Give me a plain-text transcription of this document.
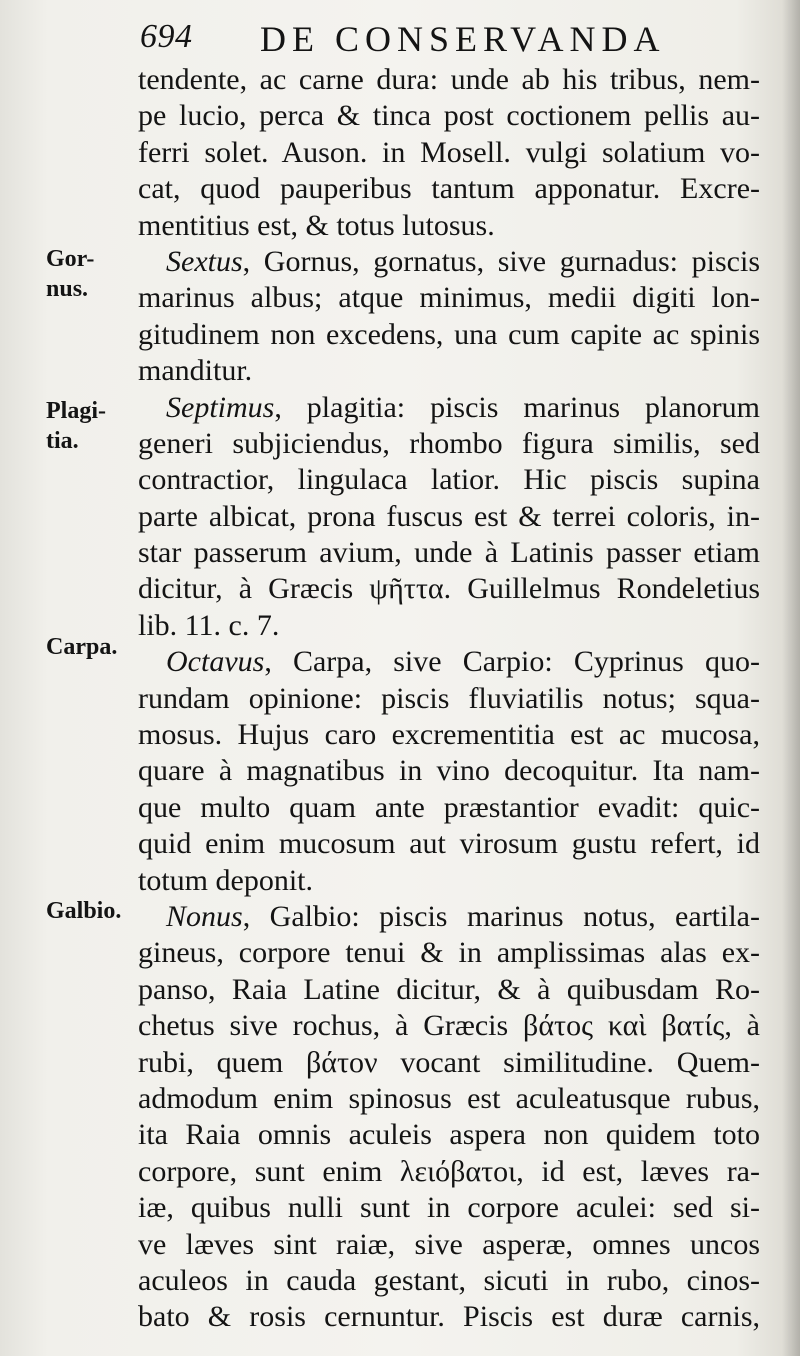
694 DE CONSERVANDA
Gor-
nus.
Plagi-
tia.
Carpa.
Galbio.
tendente, ac carne dura: unde ab his tribus, nem-
pe lucio, perca & tinca post coctionem pellis au-
ferri solet. Auson. in Mosell. vulgi solatium vo-
cat, quod pauperibus tantum apponatur. Excre-
mentitius est, & totus lutosus.
Sextus, Gornus, gornatus, sive gurnadus: piscis
marinus albus; atque minimus, medii digiti lon-
gitudinem non excedens, una cum capite ac spinis
manditur.
Septimus, plagitia: piscis marinus planorum
generi subjiciendus, rhombo figura similis, sed
contractior, lingulaca latior. Hic piscis supina
parte albicat, prona fuscus est & terrei coloris, in-
star passerum avium, unde à Latinis passer etiam
dicitur, à Græcis ψῆττα. Guillelmus Rondeletius
lib. 11. c. 7.
Octavus, Carpa, sive Carpio: Cyprinus quo-
rundam opinione: piscis fluviatilis notus; squa-
mosus. Hujus caro excrementitia est ac mucosa,
quare à magnatibus in vino decoquitur. Ita nam-
que multo quam ante præstantior evadit: quic-
quid enim mucosum aut virosum gustu refert, id
totum deponit.
Nonus, Galbio: piscis marinus notus, eartila-
gineus, corpore tenui & in amplissimas alas ex-
panso, Raia Latine dicitur, & à quibusdam Ro-
chetus sive rochus, à Græcis βάτος καὶ βατίς, à
rubi, quem βάτον vocant similitudine. Quem-
admodum enim spinosus est aculeatusque rubus,
ita Raia omnis aculeis aspera non quidem toto
corpore, sunt enim λειόβατοι, id est, læves ra-
iæ, quibus nulli sunt in corpore aculei: sed si-
ve læves sint raiæ, sive asperæ, omnes uncos
aculeos in cauda gestant, sicuti in rubo, cinos-
bato & rosis cernuntur. Piscis est duræ carnis,
